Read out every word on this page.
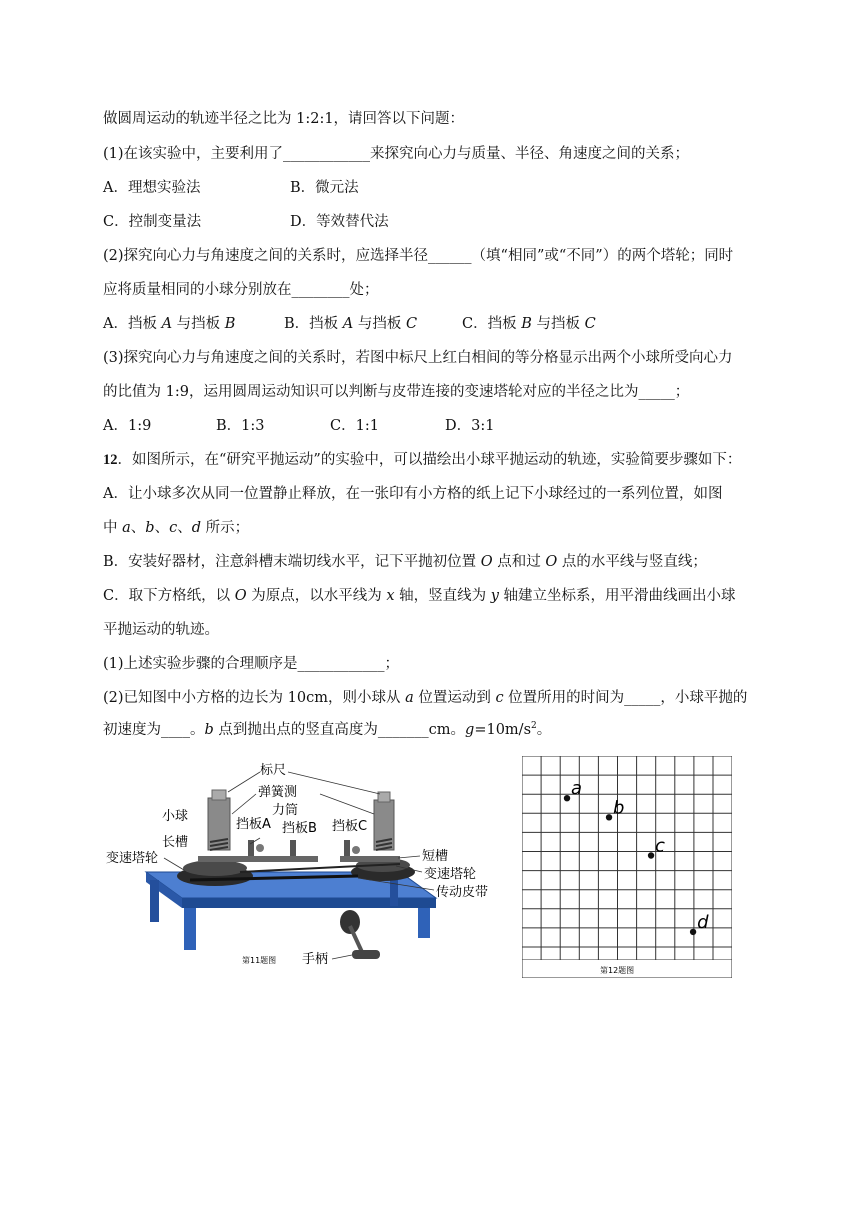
做圆周运动的轨迹半径之比为 1:2:1，请回答以下问题：
(1)在该实验中，主要利用了____________来探究向心力与质量、半径、角速度之间的关系；
A．理想实验法	B．微元法
C．控制变量法	D．等效替代法
(2)探究向心力与角速度之间的关系时，应选择半径______（填“相同”或“不同”）的两个塔轮；同时
应将质量相同的小球分别放在________处；
A．挡板 A 与挡板 B	B．挡板 A 与挡板 C	C．挡板 B 与挡板 C
(3)探究向心力与角速度之间的关系时，若图中标尺上红白相间的等分格显示出两个小球所受向心力
的比值为 1:9，运用圆周运动知识可以判断与皮带连接的变速塔轮对应的半径之比为_____；
A．1:9	B．1:3	C．1:1	D．3:1
12．如图所示，在“研究平抛运动”的实验中，可以描绘出小球平抛运动的轨迹，实验简要步骤如下：
A．让小球多次从同一位置静止释放，在一张印有小方格的纸上记下小球经过的一系列位置，如图
中 a、b、c、d 所示；
B．安装好器材，注意斜槽末端切线水平，记下平抛初位置 O 点和过 O 点的水平线与竖直线；
C．取下方格纸，以 O 为原点，以水平线为 x 轴，竖直线为 y 轴建立坐标系，用平滑曲线画出小球
平抛运动的轨迹。
(1)上述实验步骤的合理顺序是____________；
(2)已知图中小方格的边长为 10cm，则小球从 a 位置运动到 c 位置所用的时间为_____，小球平抛的
初速度为____。b 点到抛出点的竖直高度为_______cm。$g=10m/s^2$。
标尺
弹簧测
力筒
小球
挡板A 挡板B 挡板C
长槽
变速塔轮	短槽
变速塔轮
传动皮带
手柄
第11题图
a
b
c
d
第12题图
